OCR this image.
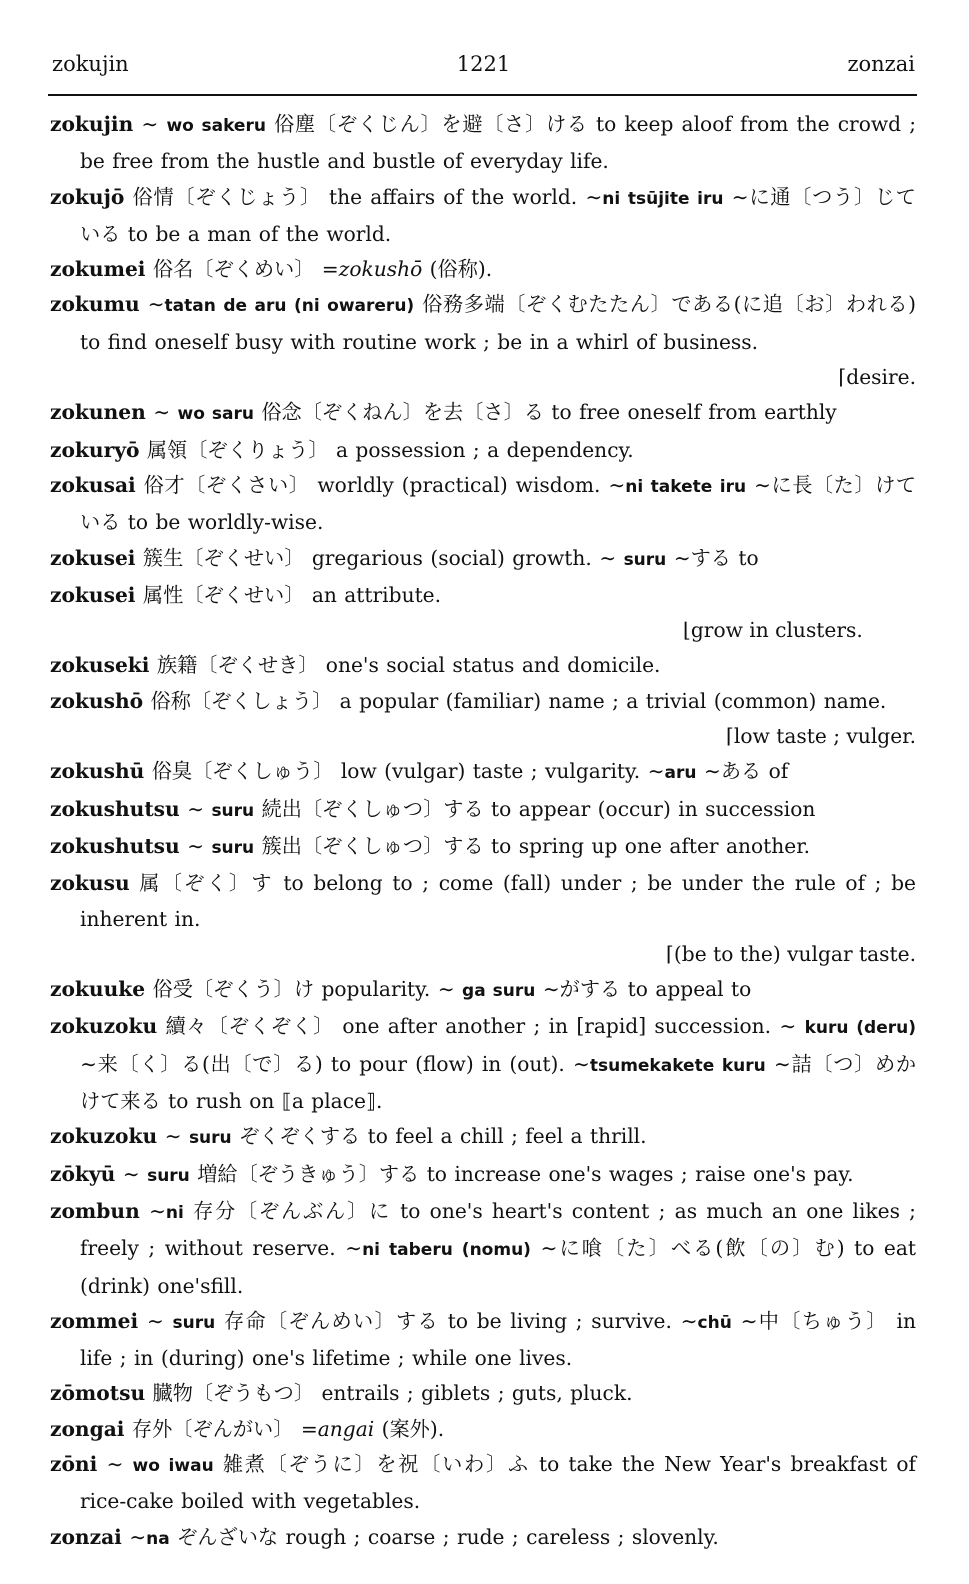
zokujin	1221	zonzai
zokujin ∼ wo sakeru 俗塵〔ぞくじん〕を避〔さ〕ける to keep aloof from the crowd ; be free from the hustle and bustle of everyday life.
zokujō 俗情〔ぞくじょう〕 the affairs of the world. ∼ni tsūjite iru ∼に通〔つう〕じている to be a man of the world.
zokumei 俗名〔ぞくめい〕 =zokushō (俗称).
zokumu ∼tatan de aru (ni owareru) 俗務多端〔ぞくむたたん〕である(に追〔お〕われる) to find oneself busy with routine work ; be in a whirl of business.
⌈desire.
zokunen ∼ wo saru 俗念〔ぞくねん〕を去〔さ〕る to free oneself from earthly
zokuryō 属領〔ぞくりょう〕 a possession ; a dependency.
zokusai 俗才〔ぞくさい〕 worldly (practical) wisdom. ∼ni takete iru ∼に長〔た〕けている to be worldly-wise.
zokusei 簇生〔ぞくせい〕 gregarious (social) growth. ∼ suru ∼する to
zokusei 属性〔ぞくせい〕 an attribute.
⌊grow in clusters.
zokuseki 族籍〔ぞくせき〕 one's social status and domicile.
zokushō 俗称〔ぞくしょう〕 a popular (familiar) name ; a trivial (common) name.
⌈low taste ; vulger.
zokushū 俗臭〔ぞくしゅう〕 low (vulgar) taste ; vulgarity. ∼aru ∼ある of
zokushutsu ∼ suru 続出〔ぞくしゅつ〕する to appear (occur) in succession
zokushutsu ∼ suru 簇出〔ぞくしゅつ〕する to spring up one after another.
zokusu 属〔ぞく〕す to belong to ; come (fall) under ; be under the rule of ; be inherent in.
⌈(be to the) vulgar taste.
zokuuke 俗受〔ぞくう〕け popularity. ∼ ga suru ∼がする to appeal to
zokuzoku 續々〔ぞくぞく〕 one after another ; in [rapid] succession. ∼ kuru (deru) ∼来〔く〕る(出〔で〕る) to pour (flow) in (out). ∼tsumekakete kuru ∼詰〔つ〕めかけて来る to rush on ⟦a place⟧.
zokuzoku ∼ suru ぞくぞくする to feel a chill ; feel a thrill.
zōkyū ∼ suru 増給〔ぞうきゅう〕する to increase one's wages ; raise one's pay.
zombun ∼ni 存分〔ぞんぶん〕に to one's heart's content ; as much an one likes ; freely ; without reserve. ∼ni taberu (nomu) ∼に喰〔た〕べる(飲〔の〕む) to eat (drink) one'sfill.
zommei ∼ suru 存命〔ぞんめい〕する to be living ; survive. ∼chū ∼中〔ちゅう〕 in life ; in (during) one's lifetime ; while one lives.
zōmotsu 臓物〔ぞうもつ〕 entrails ; giblets ; guts, pluck.
zongai 存外〔ぞんがい〕 =angai (案外).
zōni ∼ wo iwau 雑煮〔ぞうに〕を祝〔いわ〕ふ to take the New Year's breakfast of rice-cake boiled with vegetables.
zonzai ∼na ぞんざいな rough ; coarse ; rude ; careless ; slovenly.
